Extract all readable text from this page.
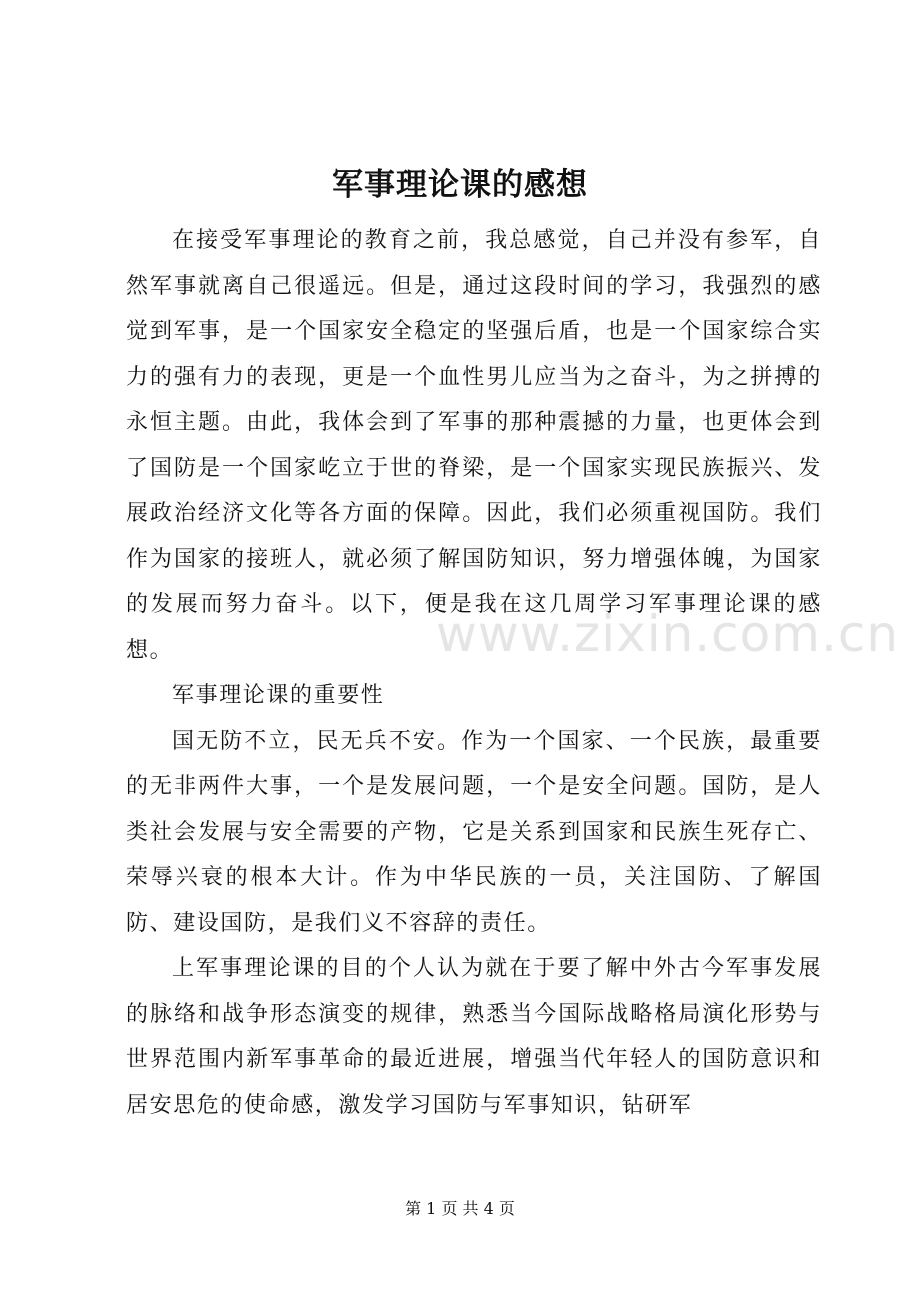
军事理论课的感想

在接受军事理论的教育之前，我总感觉，自己并没有参军，自然军事就离自己很遥远。但是，通过这段时间的学习，我强烈的感觉到军事，是一个国家安全稳定的坚强后盾，也是一个国家综合实力的强有力的表现，更是一个血性男儿应当为之奋斗，为之拼搏的永恒主题。由此，我体会到了军事的那种震撼的力量，也更体会到了国防是一个国家屹立于世的脊梁，是一个国家实现民族振兴、发展政治经济文化等各方面的保障。因此，我们必须重视国防。我们作为国家的接班人，就必须了解国防知识，努力增强体魄，为国家的发展而努力奋斗。以下，便是我在这几周学习军事理论课的感想。

军事理论课的重要性

国无防不立，民无兵不安。作为一个国家、一个民族，最重要的无非两件大事，一个是发展问题，一个是安全问题。国防，是人类社会发展与安全需要的产物，它是关系到国家和民族生死存亡、荣辱兴衰的根本大计。作为中华民族的一员，关注国防、了解国防、建设国防，是我们义不容辞的责任。

上军事理论课的目的个人认为就在于要了解中外古今军事发展的脉络和战争形态演变的规律，熟悉当今国际战略格局演化形势与世界范围内新军事革命的最近进展，增强当代年轻人的国防意识和居安思危的使命感，激发学习国防与军事知识，钻研军

www.zixin.com.cn
第 1 页 共 4 页
